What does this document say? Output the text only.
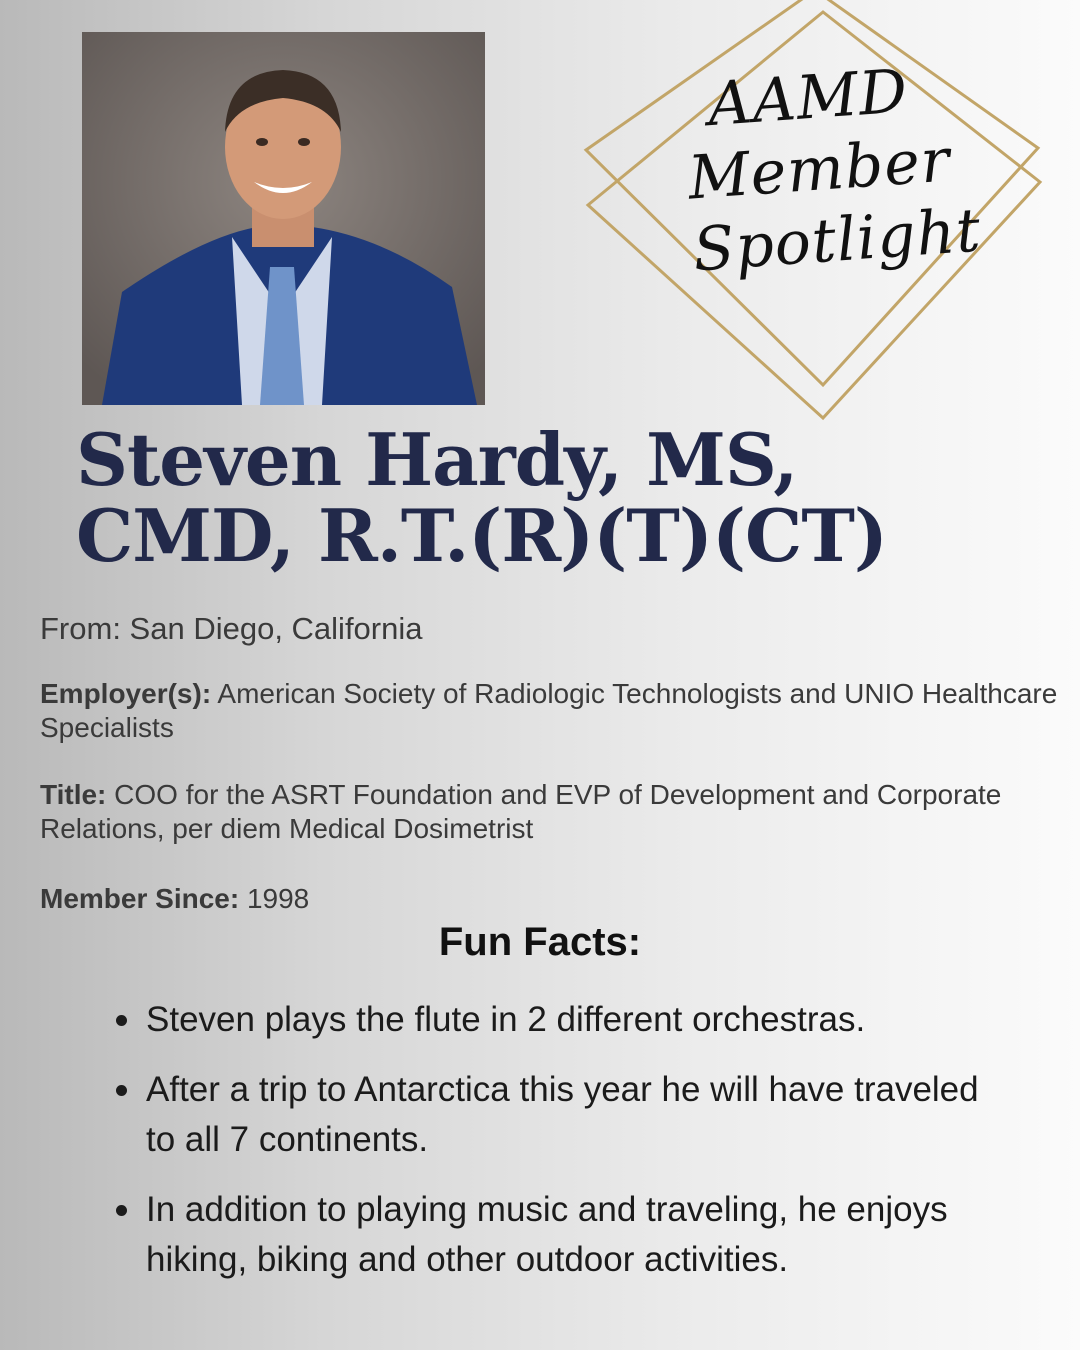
AAMD
Member
Spotlight
Steven Hardy, MS,
CMD, R.T.(R)(T)(CT)
From: San Diego, California
Employer(s): American Society of Radiologic Technologists and UNIO Healthcare Specialists
Title: COO for the ASRT Foundation and EVP of Development and Corporate Relations, per diem Medical Dosimetrist
Member Since: 1998
Fun Facts:
Steven plays the flute in 2 different orchestras.
After a trip to Antarctica this year he will have traveled to all 7 continents.
In addition to playing music and traveling, he enjoys hiking, biking and other outdoor activities.
